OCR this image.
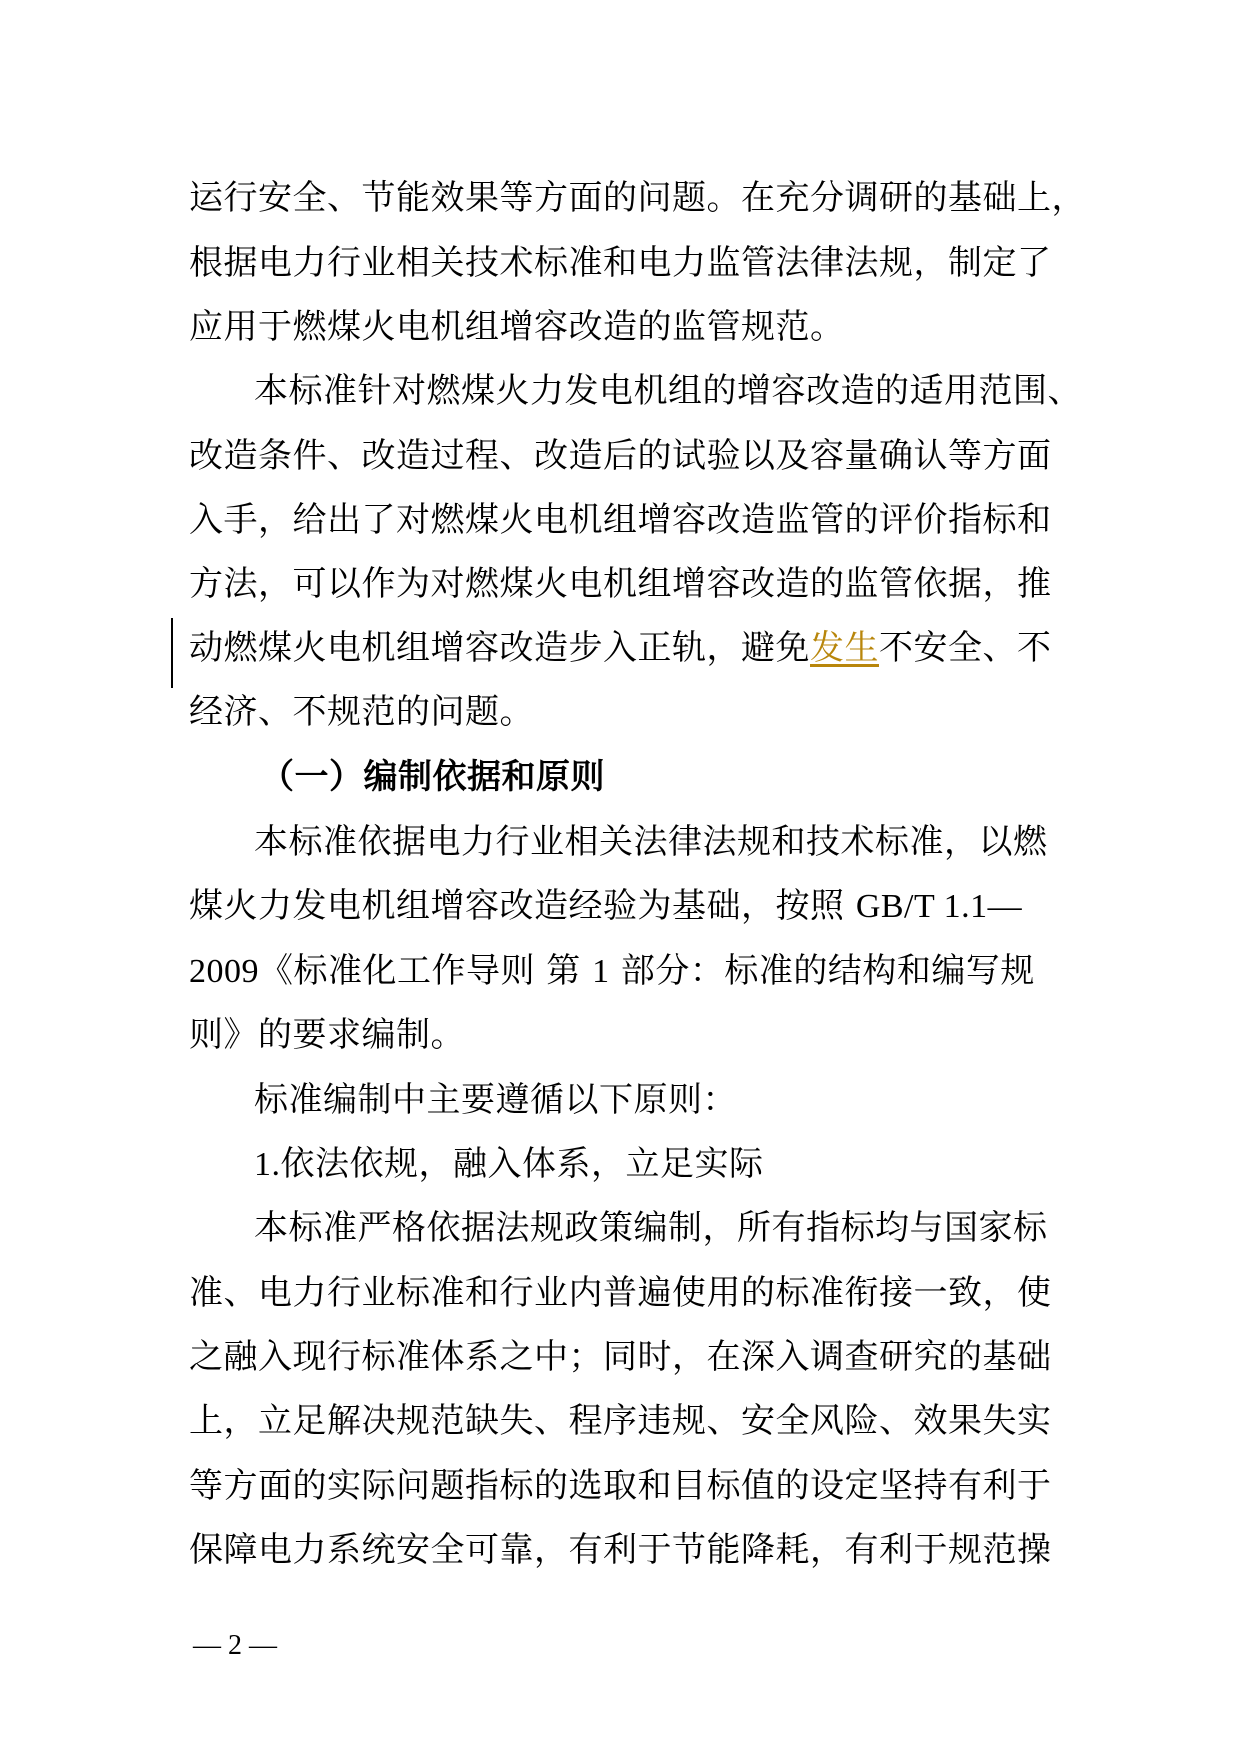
运行安全、节能效果等方面的问题。在充分调研的基础上，
根据电力行业相关技术标准和电力监管法律法规，制定了
应用于燃煤火电机组增容改造的监管规范。
本标准针对燃煤火力发电机组的增容改造的适用范围、
改造条件、改造过程、改造后的试验以及容量确认等方面
入手，给出了对燃煤火电机组增容改造监管的评价指标和
方法，可以作为对燃煤火电机组增容改造的监管依据，推
动燃煤火电机组增容改造步入正轨，避免发生不安全、不
经济、不规范的问题。
（一）编制依据和原则
本标准依据电力行业相关法律法规和技术标准，以燃
煤火力发电机组增容改造经验为基础，按照 GB/T 1.1—
2009《标准化工作导则 第 1 部分：标准的结构和编写规
则》的要求编制。
标准编制中主要遵循以下原则：
1.依法依规，融入体系，立足实际
本标准严格依据法规政策编制，所有指标均与国家标
准、电力行业标准和行业内普遍使用的标准衔接一致，使
之融入现行标准体系之中；同时，在深入调查研究的基础
上，立足解决规范缺失、程序违规、安全风险、效果失实
等方面的实际问题指标的选取和目标值的设定坚持有利于
保障电力系统安全可靠，有利于节能降耗，有利于规范操
— 2 —
